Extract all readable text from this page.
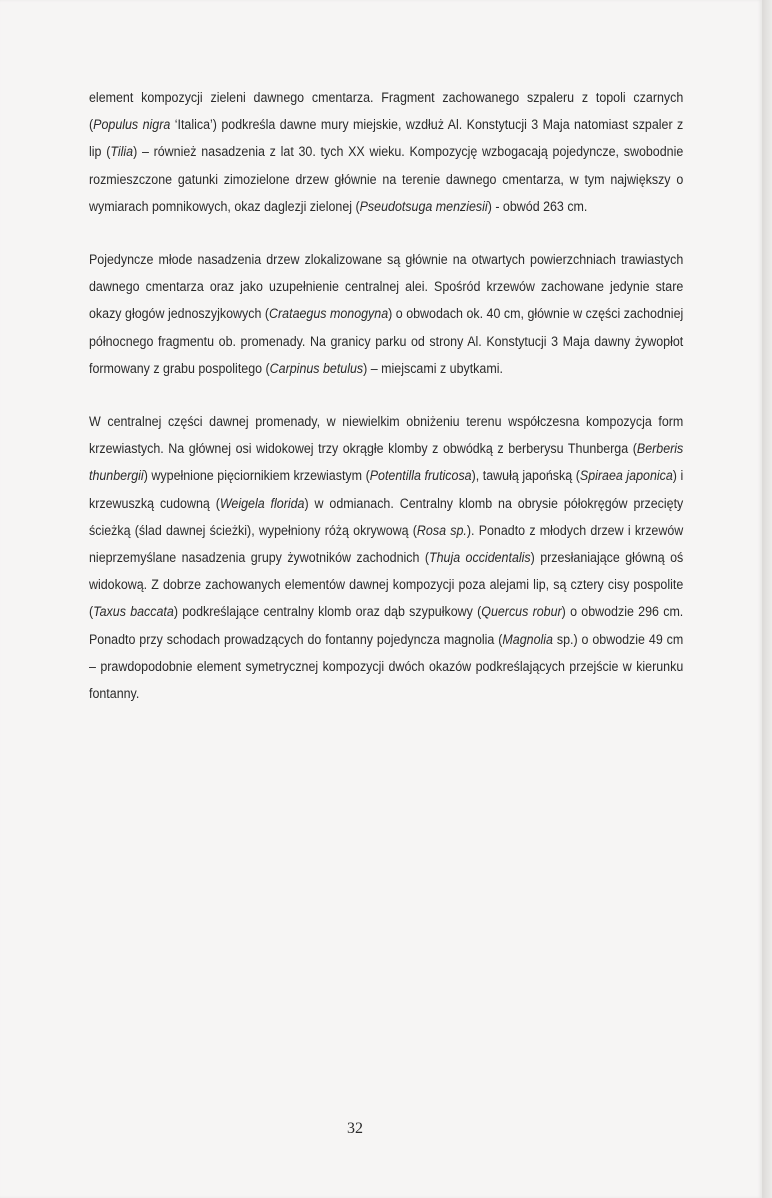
element kompozycji zieleni dawnego cmentarza. Fragment zachowanego szpaleru z topoli czarnych (Populus nigra ‘Italica’) podkreśla dawne mury miejskie, wzdłuż Al. Konstytucji 3 Maja natomiast szpaler z lip (Tilia) – również nasadzenia z lat 30. tych XX wieku. Kompozycję wzbogacają pojedyncze, swobodnie rozmieszczone gatunki zimozielone drzew głównie na terenie dawnego cmentarza, w tym największy o wymiarach pomnikowych, okaz daglezji zielonej (Pseudotsuga menziesii) - obwód 263 cm.

Pojedyncze młode nasadzenia drzew zlokalizowane są głównie na otwartych powierzchniach trawiastych dawnego cmentarza oraz jako uzupełnienie centralnej alei. Spośród krzewów zachowane jedynie stare okazy głogów jednoszyjkowych (Crataegus monogyna) o obwodach ok. 40 cm, głównie w części zachodniej północnego fragmentu ob. promenady. Na granicy parku od strony Al. Konstytucji 3 Maja dawny żywopłot formowany z grabu pospolitego (Carpinus betulus) – miejscami z ubytkami.

W centralnej części dawnej promenady, w niewielkim obniżeniu terenu współczesna kompozycja form krzewiastych. Na głównej osi widokowej trzy okrągłe klomby z obwódką z berberysu Thunberga (Berberis thunbergii) wypełnione pięciornikiem krzewiastym (Potentilla fruticosa), tawułą japońską (Spiraea japonica) i krzewuszką cudowną (Weigela florida) w odmianach. Centralny klomb na obrysie półokręgów przecięty ścieżką (ślad dawnej ścieżki), wypełniony różą okrywową (Rosa sp.). Ponadto z młodych drzew i krzewów nieprzemyślane nasadzenia grupy żywotników zachodnich (Thuja occidentalis) przesłaniające główną oś widokową. Z dobrze zachowanych elementów dawnej kompozycji poza alejami lip, są cztery cisy pospolite (Taxus baccata) podkreślające centralny klomb oraz dąb szypułkowy (Quercus robur) o obwodzie 296 cm. Ponadto przy schodach prowadzących do fontanny pojedyncza magnolia (Magnolia sp.) o obwodzie 49 cm – prawdopodobnie element symetrycznej kompozycji dwóch okazów podkreślających przejście w kierunku fontanny.

32
